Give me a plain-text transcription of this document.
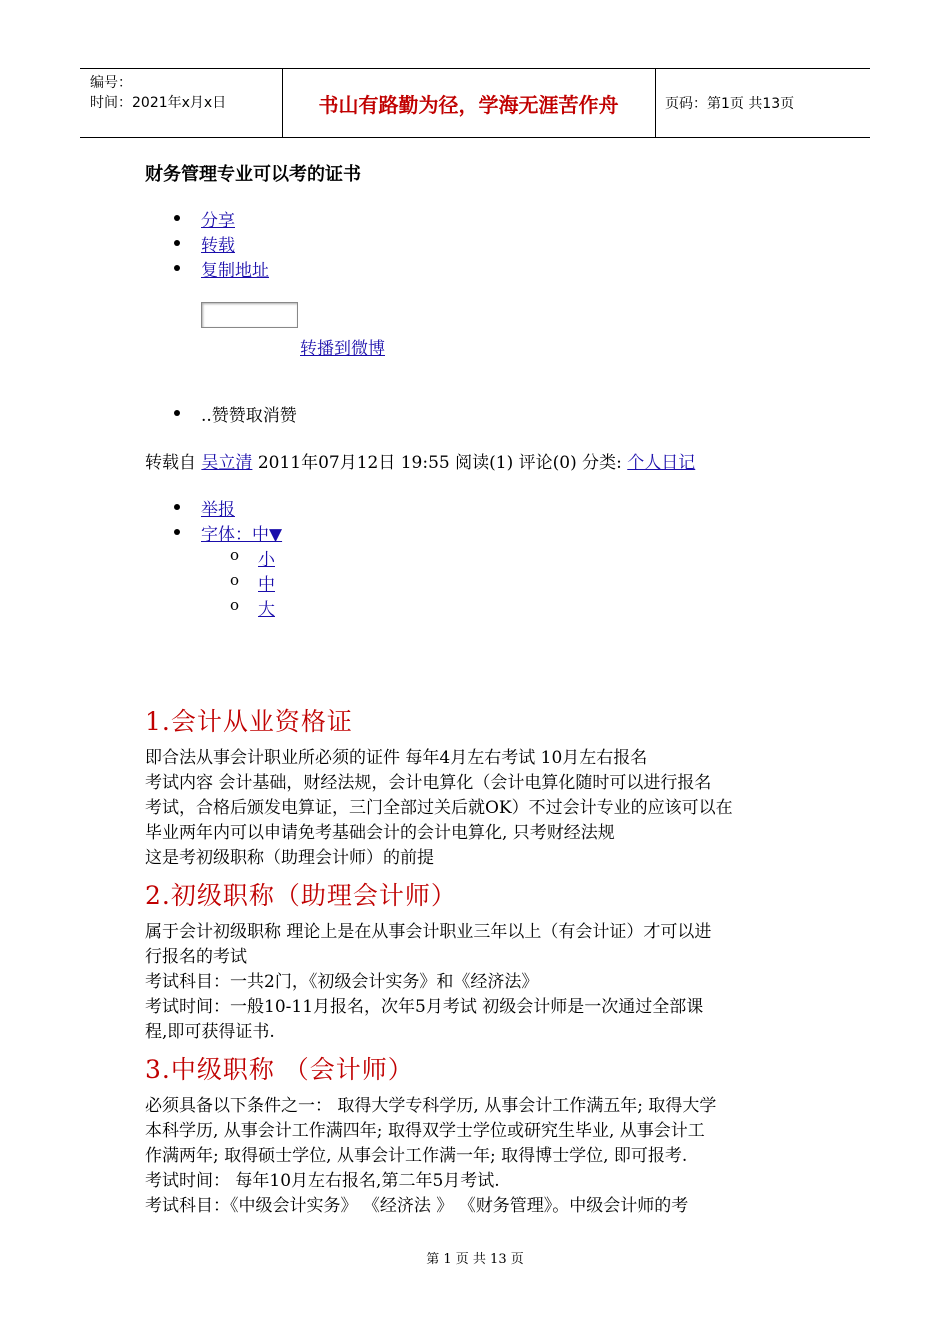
编号：
时间：2021年x月x日	书山有路勤为径，学海无涯苦作舟	页码：第1页 共13页
财务管理专业可以考的证书
分享
转载
复制地址
转播到微博
..赞赞取消赞
转载自 吴立清 2011年07月12日 19:55 阅读(1) 评论(0) 分类: 个人日记
举报
字体：中▼
o 小
o 中
o 大
1.会计从业资格证
即合法从事会计职业所必须的证件 每年4月左右考试 10月左右报名
考试内容 会计基础，财经法规，会计电算化（会计电算化随时可以进行报名
考试，合格后颁发电算证，三门全部过关后就OK）不过会计专业的应该可以在
毕业两年内可以申请免考基础会计的会计电算化, 只考财经法规
这是考初级职称（助理会计师）的前提
2.初级职称（助理会计师）
属于会计初级职称 理论上是在从事会计职业三年以上（有会计证）才可以进
行报名的考试
考试科目：一共2门，《初级会计实务》和《经济法》
考试时间：一般10-11月报名，次年5月考试 初级会计师是一次通过全部课
程,即可获得证书.
3.中级职称 （会计师）
必须具备以下条件之一： 取得大学专科学历, 从事会计工作满五年; 取得大学
本科学历, 从事会计工作满四年; 取得双学士学位或研究生毕业, 从事会计工
作满两年; 取得硕士学位, 从事会计工作满一年; 取得博士学位, 即可报考.
考试时间： 每年10月左右报名,第二年5月考试.
考试科目：《中级会计实务》 《经济法 》 《财务管理》。中级会计师的考
第 1 页 共 13 页
